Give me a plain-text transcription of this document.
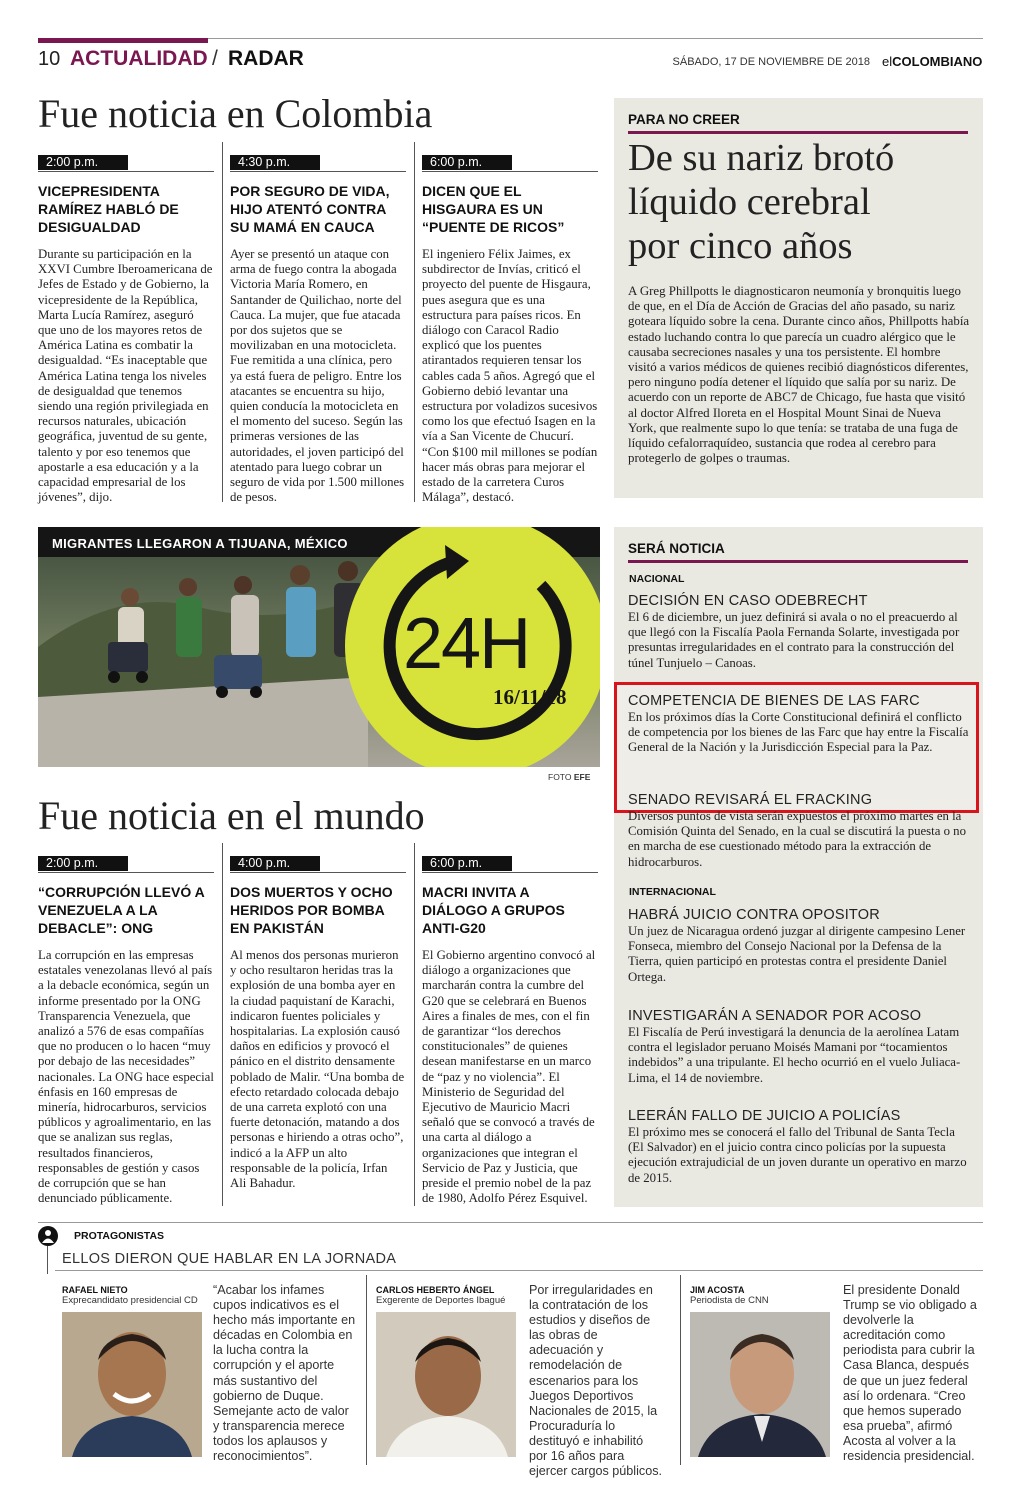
10 ACTUALIDAD / RADAR	SÁBADO, 17 DE NOVIEMBRE DE 2018 elCOLOMBIANO
Fue noticia en Colombia
2:00 p.m.
VICEPRESIDENTA RAMÍREZ HABLÓ DE DESIGUALDAD
Durante su participación en la XXVI Cumbre Iberoamericana de Jefes de Estado y de Gobierno, la vicepresidente de la República, Marta Lucía Ramírez, aseguró que uno de los mayores retos de América Latina es combatir la desigualdad. “Es inaceptable que América Latina tenga los niveles de desigualdad que tenemos siendo una región privilegiada en recursos naturales, ubicación geográfica, juventud de su gente, talento y por eso tenemos que apostarle a esa educación y a la capacidad empresarial de los jóvenes”, dijo.
4:30 p.m.
POR SEGURO DE VIDA, HIJO ATENTÓ CONTRA SU MAMÁ EN CAUCA
Ayer se presentó un ataque con arma de fuego contra la abogada Victoria María Romero, en Santander de Quilichao, norte del Cauca. La mujer, que fue atacada por dos sujetos que se movilizaban en una motocicleta. Fue remitida a una clínica, pero ya está fuera de peligro. Entre los atacantes se encuentra su hijo, quien conducía la motocicleta en el momento del suceso. Según las primeras versiones de las autoridades, el joven participó del atentado para luego cobrar un seguro de vida por 1.500 millones de pesos.
6:00 p.m.
DICEN QUE EL HISGAURA ES UN “PUENTE DE RICOS”
El ingeniero Félix Jaimes, ex subdirector de Invías, criticó el proyecto del puente de Hisgaura, pues asegura que es una estructura para países ricos. En diálogo con Caracol Radio explicó que los puentes atirantados requieren tensar los cables cada 5 años. Agregó que el Gobierno debió levantar una estructura por voladizos sucesivos como los que efectuó Isagen en la vía a San Vicente de Chucurí. “Con $100 mil millones se podían hacer más obras para mejorar el estado de la carretera Curos Málaga”, destacó.
PARA NO CREER
De su nariz brotó
líquido cerebral
por cinco años
A Greg Phillpotts le diagnosticaron neumonía y bronquitis luego de que, en el Día de Acción de Gracias del año pasado, su nariz goteara líquido sobre la cena. Durante cinco años, Phillpotts había estado luchando contra lo que parecía un cuadro alérgico que le causaba secreciones nasales y una tos persistente. El hombre visitó a varios médicos de quienes recibió diagnósticos diferentes, pero ninguno podía detener el líquido que salía por su nariz. De acuerdo con un reporte de ABC7 de Chicago, fue hasta que visitó al doctor Alfred Iloreta en el Hospital Mount Sinai de Nueva York, que realmente supo lo que tenía: se trataba de una fuga de líquido cefalorraquídeo, sustancia que rodea al cerebro para protegerlo de golpes o traumas.
MIGRANTES LLEGARON A TIJUANA, MÉXICO
24H
16/11/18
FOTO EFE
Fue noticia en el mundo
2:00 p.m.
“CORRUPCIÓN LLEVÓ A VENEZUELA A LA DEBACLE”: ONG
La corrupción en las empresas estatales venezolanas llevó al país a la debacle económica, según un informe presentado por la ONG Transparencia Venezuela, que analizó a 576 de esas compañías que no producen o lo hacen “muy por debajo de las necesidades” nacionales. La ONG hace especial énfasis en 160 empresas de minería, hidrocarburos, servicios públicos y agroalimentario, en las que se analizan sus reglas, resultados financieros, responsables de gestión y casos de corrupción que se han denunciado públicamente.
4:00 p.m.
DOS MUERTOS Y OCHO HERIDOS POR BOMBA EN PAKISTÁN
Al menos dos personas murieron y ocho resultaron heridas tras la explosión de una bomba ayer en la ciudad paquistaní de Karachi, indicaron fuentes policiales y hospitalarias. La explosión causó daños en edificios y provocó el pánico en el distrito densamente poblado de Malir. “Una bomba de efecto retardado colocada debajo de una carreta explotó con una fuerte detonación, matando a dos personas e hiriendo a otras ocho”, indicó a la AFP un alto responsable de la policía, Irfan Ali Bahadur.
6:00 p.m.
MACRI INVITA A DIÁLOGO A GRUPOS ANTI-G20
El Gobierno argentino convocó al diálogo a organizaciones que marcharán contra la cumbre del G20 que se celebrará en Buenos Aires a finales de mes, con el fin de garantizar “los derechos constitucionales” de quienes desean manifestarse en un marco de “paz y no violencia”. El Ministerio de Seguridad del Ejecutivo de Mauricio Macri señaló que se convocó a través de una carta al diálogo a organizaciones que integran el Servicio de Paz y Justicia, que preside el premio nobel de la paz de 1980, Adolfo Pérez Esquivel.
SERÁ NOTICIA
NACIONAL
DECISIÓN EN CASO ODEBRECHT
El 6 de diciembre, un juez definirá si avala o no el preacuerdo al que llegó con la Fiscalía Paola Fernanda Solarte, investigada por presuntas irregularidades en el contrato para la construcción del túnel Tunjuelo – Canoas.
COMPETENCIA DE BIENES DE LAS FARC
En los próximos días la Corte Constitucional definirá el conflicto de competencia por los bienes de las Farc que hay entre la Fiscalía General de la Nación y la Jurisdicción Especial para la Paz.
SENADO REVISARÁ EL FRACKING
Diversos puntos de vista serán expuestos el próximo martes en la Comisión Quinta del Senado, en la cual se discutirá la puesta o no en marcha de ese cuestionado método para la extracción de hidrocarburos.
INTERNACIONAL
HABRÁ JUICIO CONTRA OPOSITOR
Un juez de Nicaragua ordenó juzgar al dirigente campesino Lener Fonseca, miembro del Consejo Nacional por la Defensa de la Tierra, quien participó en protestas contra el presidente Daniel Ortega.
INVESTIGARÁN A SENADOR POR ACOSO
El Fiscalía de Perú investigará la denuncia de la aerolínea Latam contra el legislador peruano Moisés Mamani por “tocamientos indebidos” a una tripulante. El hecho ocurrió en el vuelo Juliaca-Lima, el 14 de noviembre.
LEERÁN FALLO DE JUICIO A POLICÍAS
El próximo mes se conocerá el fallo del Tribunal de Santa Tecla (El Salvador) en el juicio contra cinco policías por la supuesta ejecución extrajudicial de un joven durante un operativo en marzo de 2015.
PROTAGONISTAS
ELLOS DIERON QUE HABLAR EN LA JORNADA
RAFAEL NIETO
Exprecandidato presidencial CD
“Acabar los infames cupos indicativos es el hecho más importante en décadas en Colombia en la lucha contra la corrupción y el aporte más sustantivo del gobierno de Duque. Semejante acto de valor y transparencia merece todos los aplausos y reconocimientos”.
CARLOS HEBERTO ÁNGEL
Exgerente de Deportes Ibagué
Por irregularidades en la contratación de los estudios y diseños de las obras de adecuación y remodelación de escenarios para los Juegos Deportivos Nacionales de 2015, la Procuraduría lo destituyó e inhabilitó por 16 años para ejercer cargos públicos.
JIM ACOSTA
Periodista de CNN
El presidente Donald Trump se vio obligado a devolverle la acreditación como periodista para cubrir la Casa Blanca, después de que un juez federal así lo ordenara. “Creo que hemos superado esa prueba”, afirmó Acosta al volver a la residencia presidencial.
